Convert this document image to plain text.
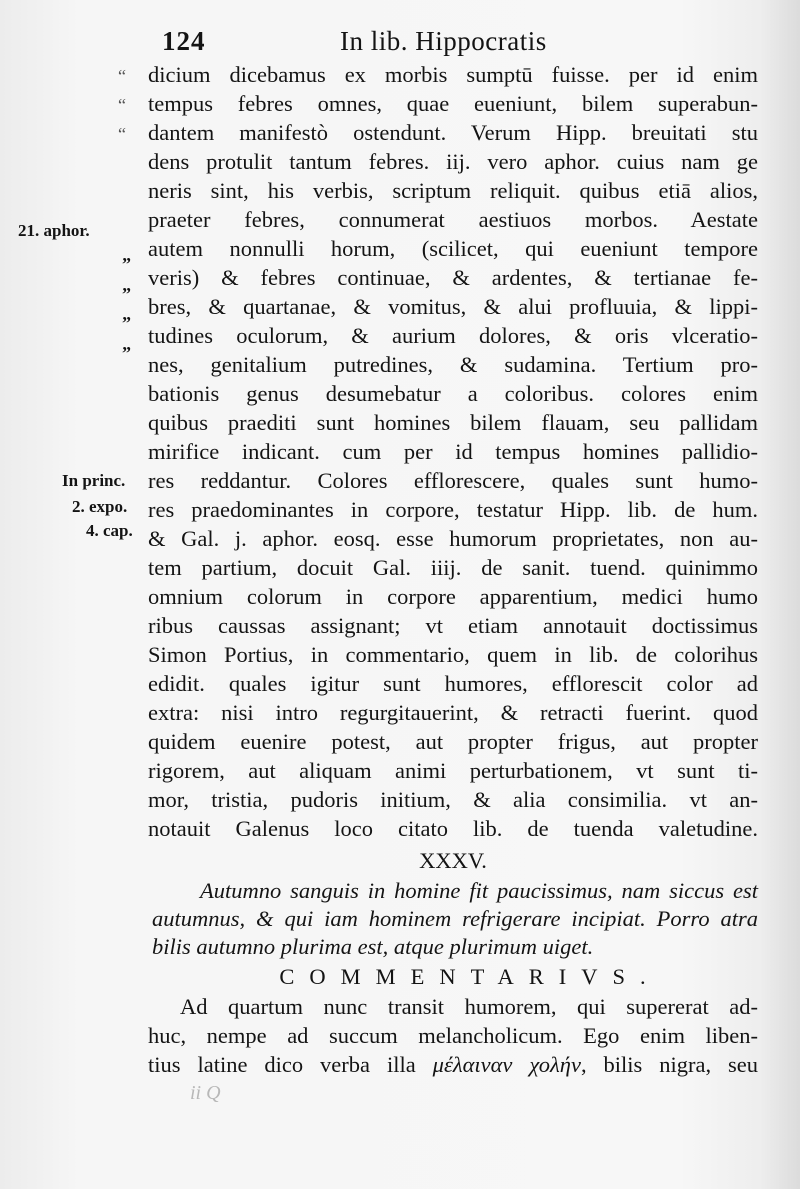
124	In lib. Hippocratis
“
“
“
”
”
”
”
21. aphor.
In princ.
2. expo.
4. cap.
dicium dicebamus ex morbis sumptū fuisse. per id enim
tempus febres omnes, quae eueniunt, bilem superabun-
dantem manifestò ostendunt. Verum Hipp. breuitati stu
dens protulit tantum febres. iij. vero aphor. cuius nam ge
neris sint, his verbis, scriptum reliquit. quibus etiā alios,
praeter febres, connumerat aestiuos morbos. Aestate
autem nonnulli horum, (scilicet, qui eueniunt tempore
veris) & febres continuae, & ardentes, & tertianae fe-
bres, & quartanae, & vomitus, & alui profluuia, & lippi-
tudines oculorum, & aurium dolores, & oris vlceratio-
nes, genitalium putredines, & sudamina. Tertium pro-
bationis genus desumebatur a coloribus. colores enim
quibus praediti sunt homines bilem flauam, seu pallidam
mirifice indicant. cum per id tempus homines pallidio-
res reddantur. Colores efflorescere, quales sunt humo-
res praedominantes in corpore, testatur Hipp. lib. de hum.
& Gal. j. aphor. eosq. esse humorum proprietates, non au-
tem partium, docuit Gal. iiij. de sanit. tuend. quinimmo
omnium colorum in corpore apparentium, medici humo
ribus caussas assignant; vt etiam annotauit doctissimus
Simon Portius, in commentario, quem in lib. de colorihus
edidit. quales igitur sunt humores, efflorescit color ad
extra: nisi intro regurgitauerint, & retracti fuerint. quod
quidem euenire potest, aut propter frigus, aut propter
rigorem, aut aliquam animi perturbationem, vt sunt ti-
mor, tristia, pudoris initium, & alia consimilia. vt an-
notauit Galenus loco citato lib. de tuenda valetudine.
XXXV.
Autumno sanguis in homine fit paucissimus, nam siccus est
autumnus, & qui iam hominem refrigerare incipiat. Porro atra
bilis autumno plurima est, atque plurimum uiget.
COMMENTARIVS.
Ad quartum nunc transit humorem, qui supererat ad-
huc, nempe ad succum melancholicum. Ego enim liben-
tius latine dico verba illa μέλαιναν χολήν, bilis nigra, seu
ii Q
